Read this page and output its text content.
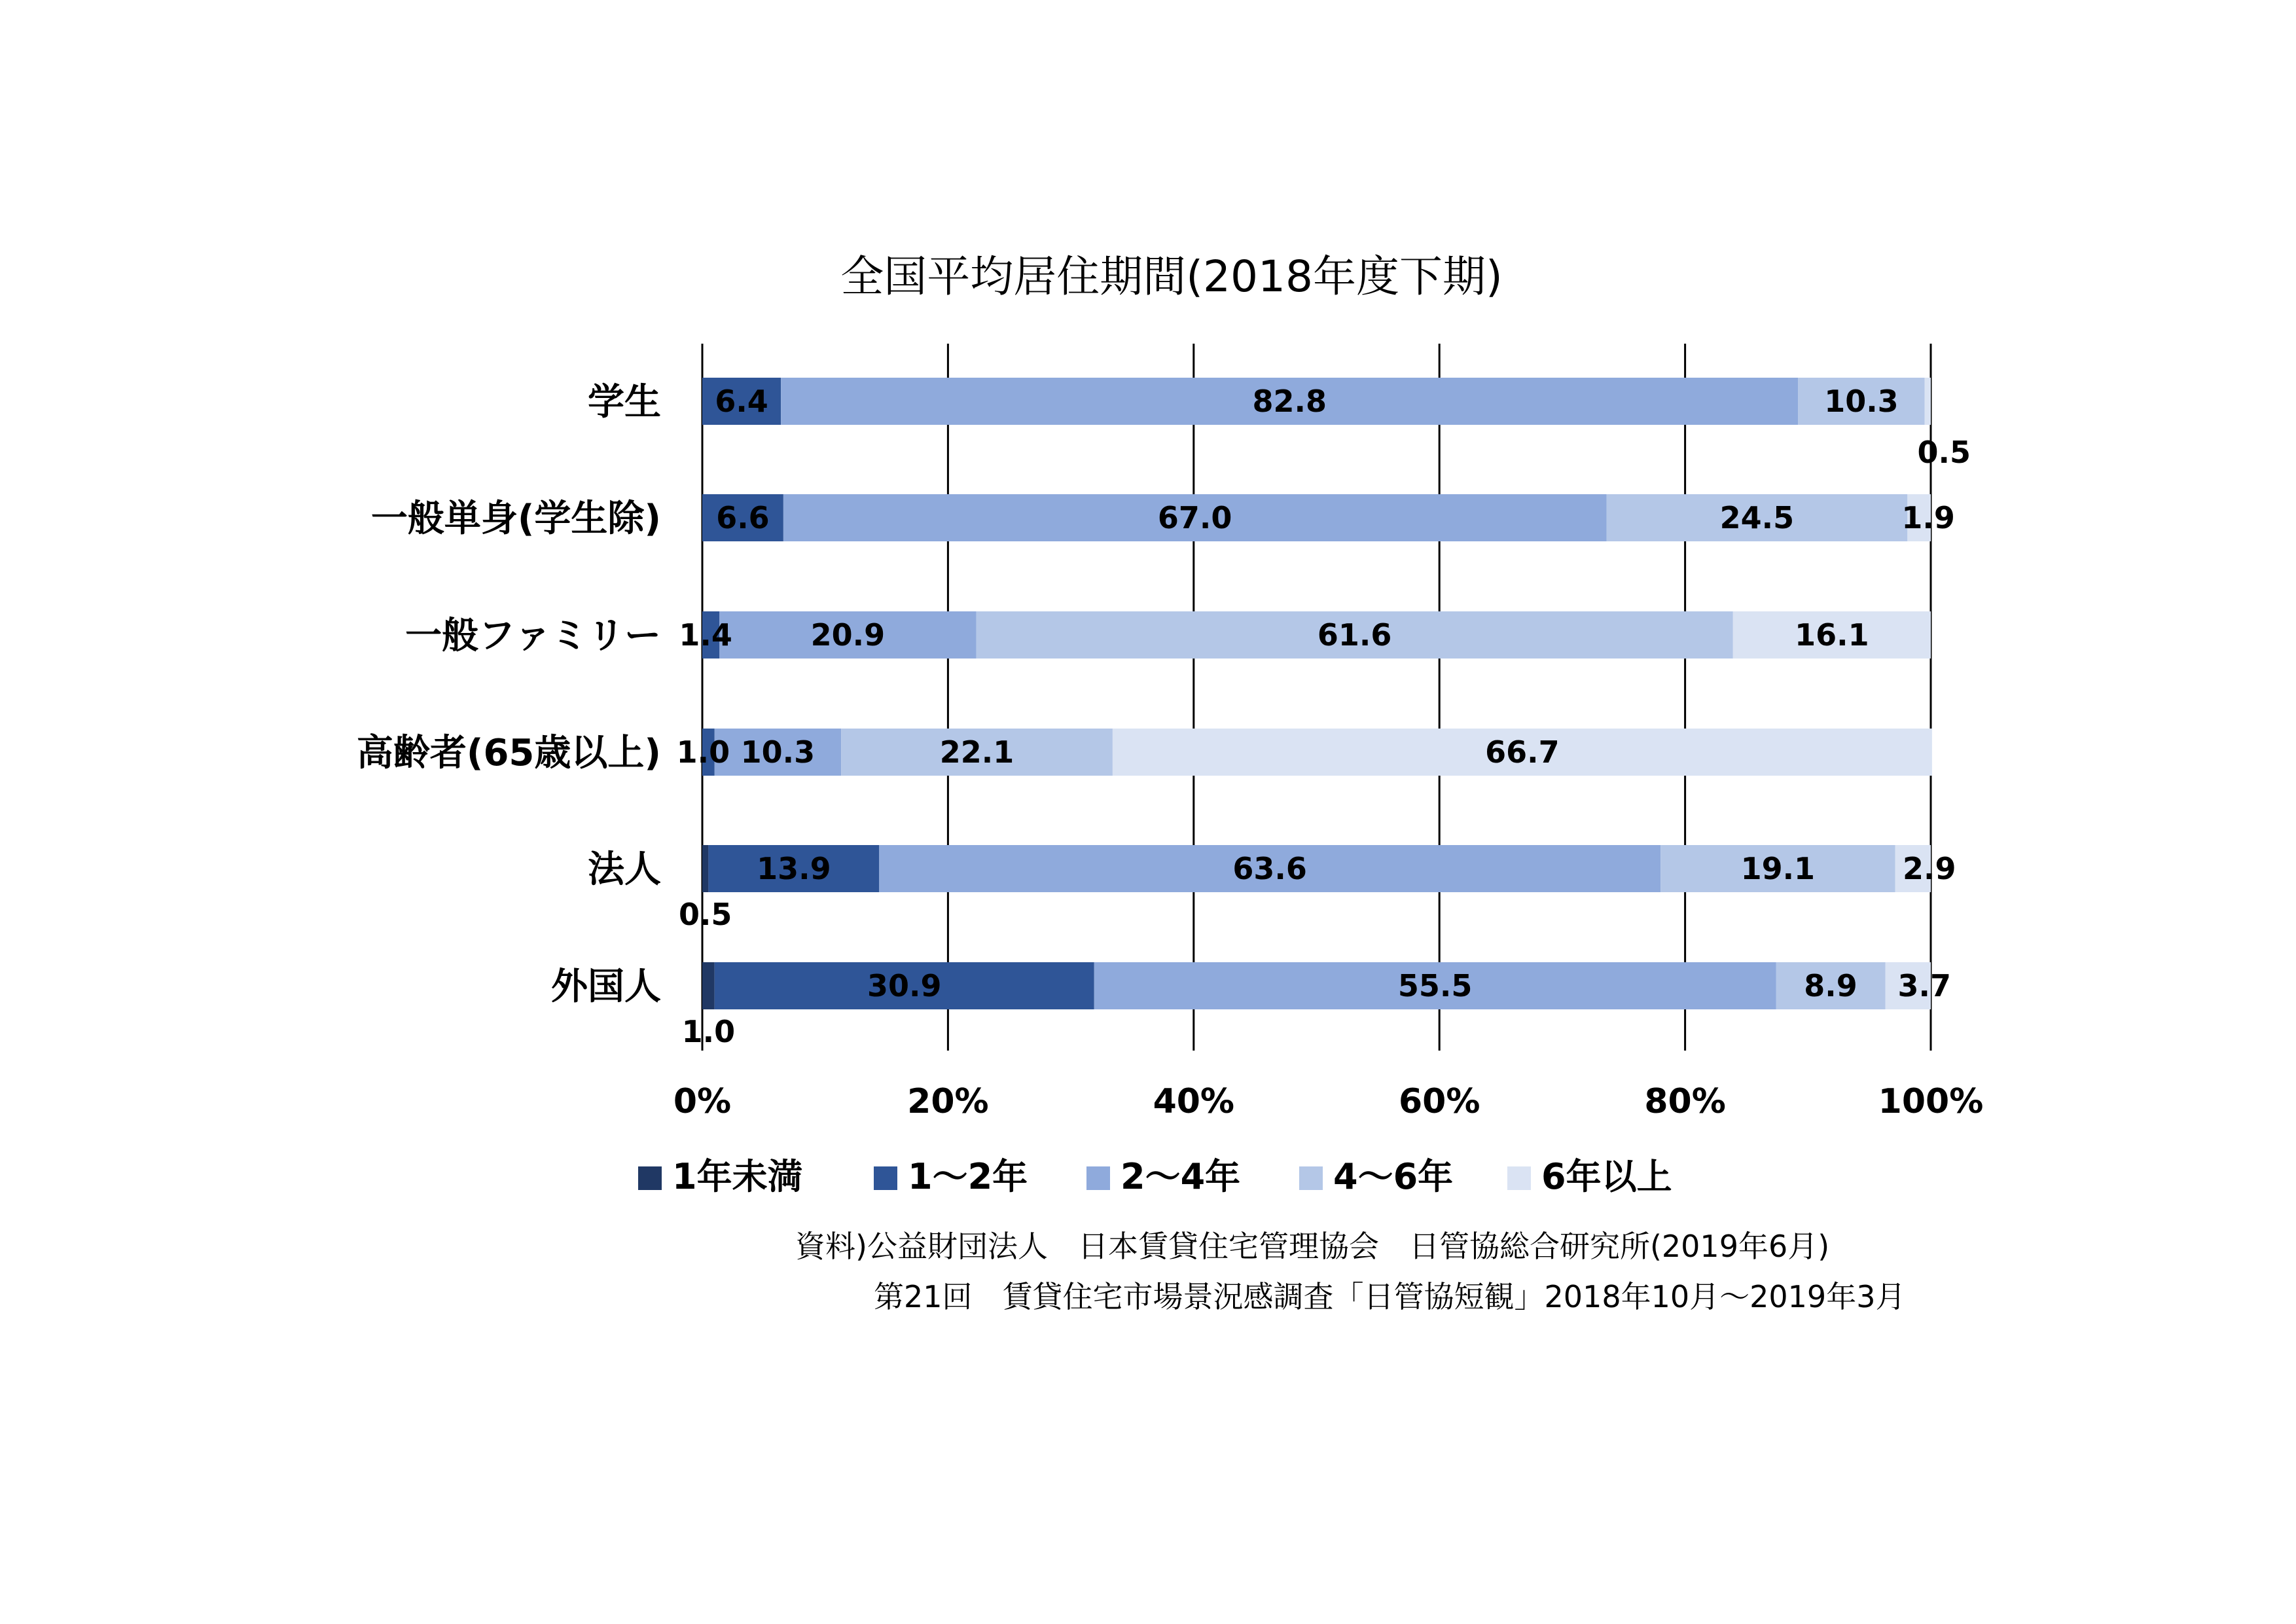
全国平均居住期間(2018年度下期)
6.4	82.8	10.3
0.5
6.6	67.0	24.5	1.9
1.4	20.9	61.6	16.1
1.0 10.3	22.1	66.7
0.5
13.9	63.6	19.1	2.9
1.0
30.9	55.5	8.9 3.7
学生
一般単身(学生除)
一般ファミリー
高齢者(65歳以上)
法人
外国人
0%	20%	40%	60%	80%	100%
1年未満	1～2年	2～4年	4～6年 6年以上
資料)公益財団法人　日本賃貸住宅管理協会　日管協総合研究所(2019年6月)
第21回　賃貸住宅市場景況感調査「日管協短観」2018年10月～2019年3月
